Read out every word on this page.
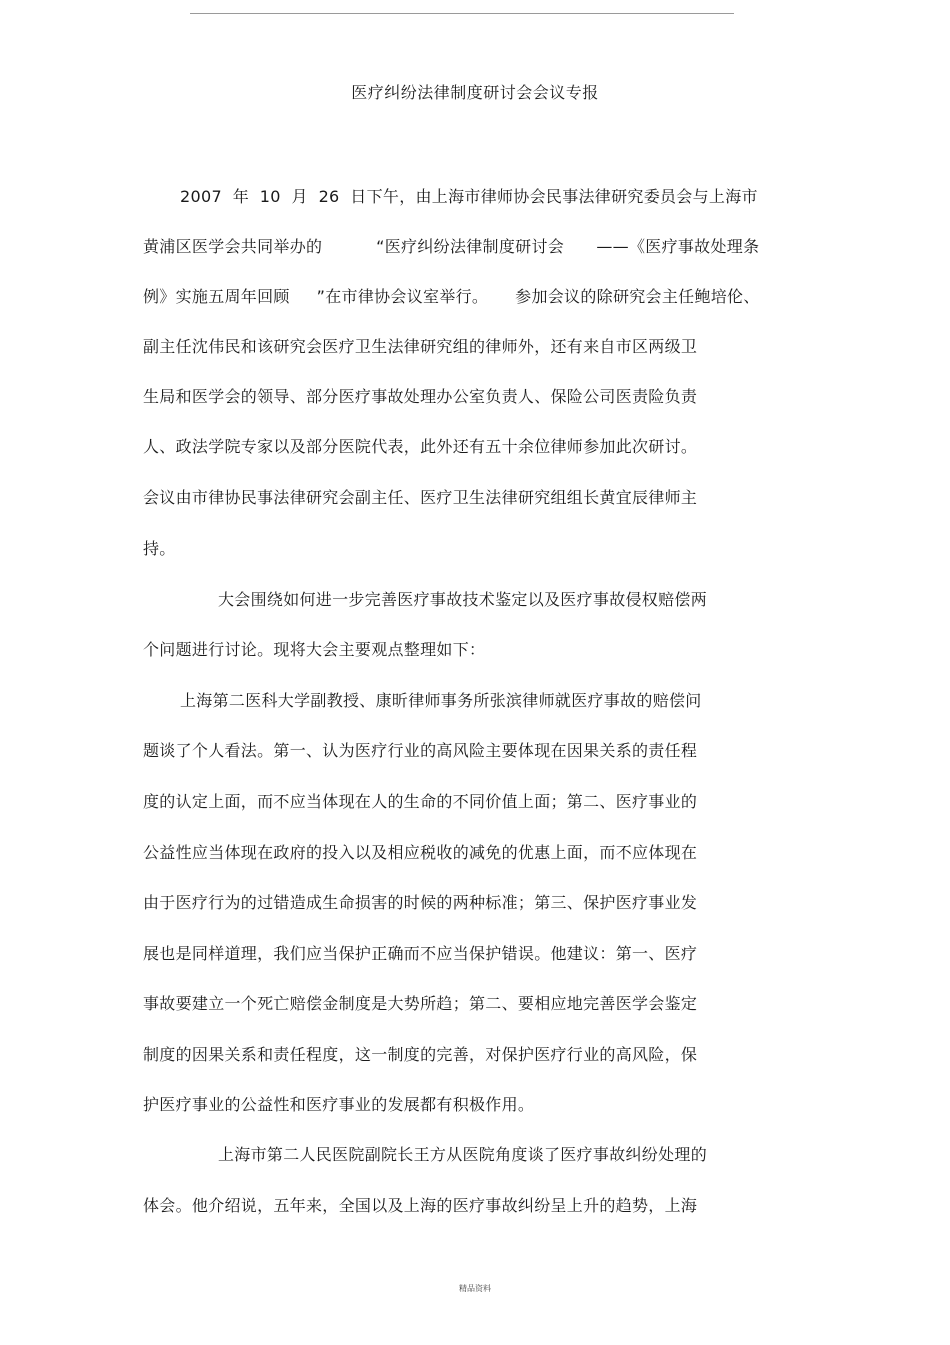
医疗纠纷法律制度研讨会会议专报
2007  年  10  月  26  日下午，由上海市律师协会民事法律研究委员会与上海市
黄浦区医学会共同举办的          “医疗纠纷法律制度研讨会      ——《医疗事故处理条
例》实施五周年回顾     ”在市律协会议室举行。     参加会议的除研究会主任鲍培伦、
副主任沈伟民和该研究会医疗卫生法律研究组的律师外，还有来自市区两级卫
生局和医学会的领导、部分医疗事故处理办公室负责人、保险公司医责险负责
人、政法学院专家以及部分医院代表，此外还有五十余位律师参加此次研讨。
会议由市律协民事法律研究会副主任、医疗卫生法律研究组组长黄宜辰律师主
持。
大会围绕如何进一步完善医疗事故技术鉴定以及医疗事故侵权赔偿两
个问题进行讨论。现将大会主要观点整理如下：
上海第二医科大学副教授、康昕律师事务所张滨律师就医疗事故的赔偿问
题谈了个人看法。第一、认为医疗行业的高风险主要体现在因果关系的责任程
度的认定上面，而不应当体现在人的生命的不同价值上面；第二、医疗事业的
公益性应当体现在政府的投入以及相应税收的减免的优惠上面，而不应体现在
由于医疗行为的过错造成生命损害的时候的两种标准；第三、保护医疗事业发
展也是同样道理，我们应当保护正确而不应当保护错误。他建议：第一、医疗
事故要建立一个死亡赔偿金制度是大势所趋；第二、要相应地完善医学会鉴定
制度的因果关系和责任程度，这一制度的完善，对保护医疗行业的高风险，保
护医疗事业的公益性和医疗事业的发展都有积极作用。
上海市第二人民医院副院长王方从医院角度谈了医疗事故纠纷处理的
体会。他介绍说，五年来，全国以及上海的医疗事故纠纷呈上升的趋势，上海
精品资料
